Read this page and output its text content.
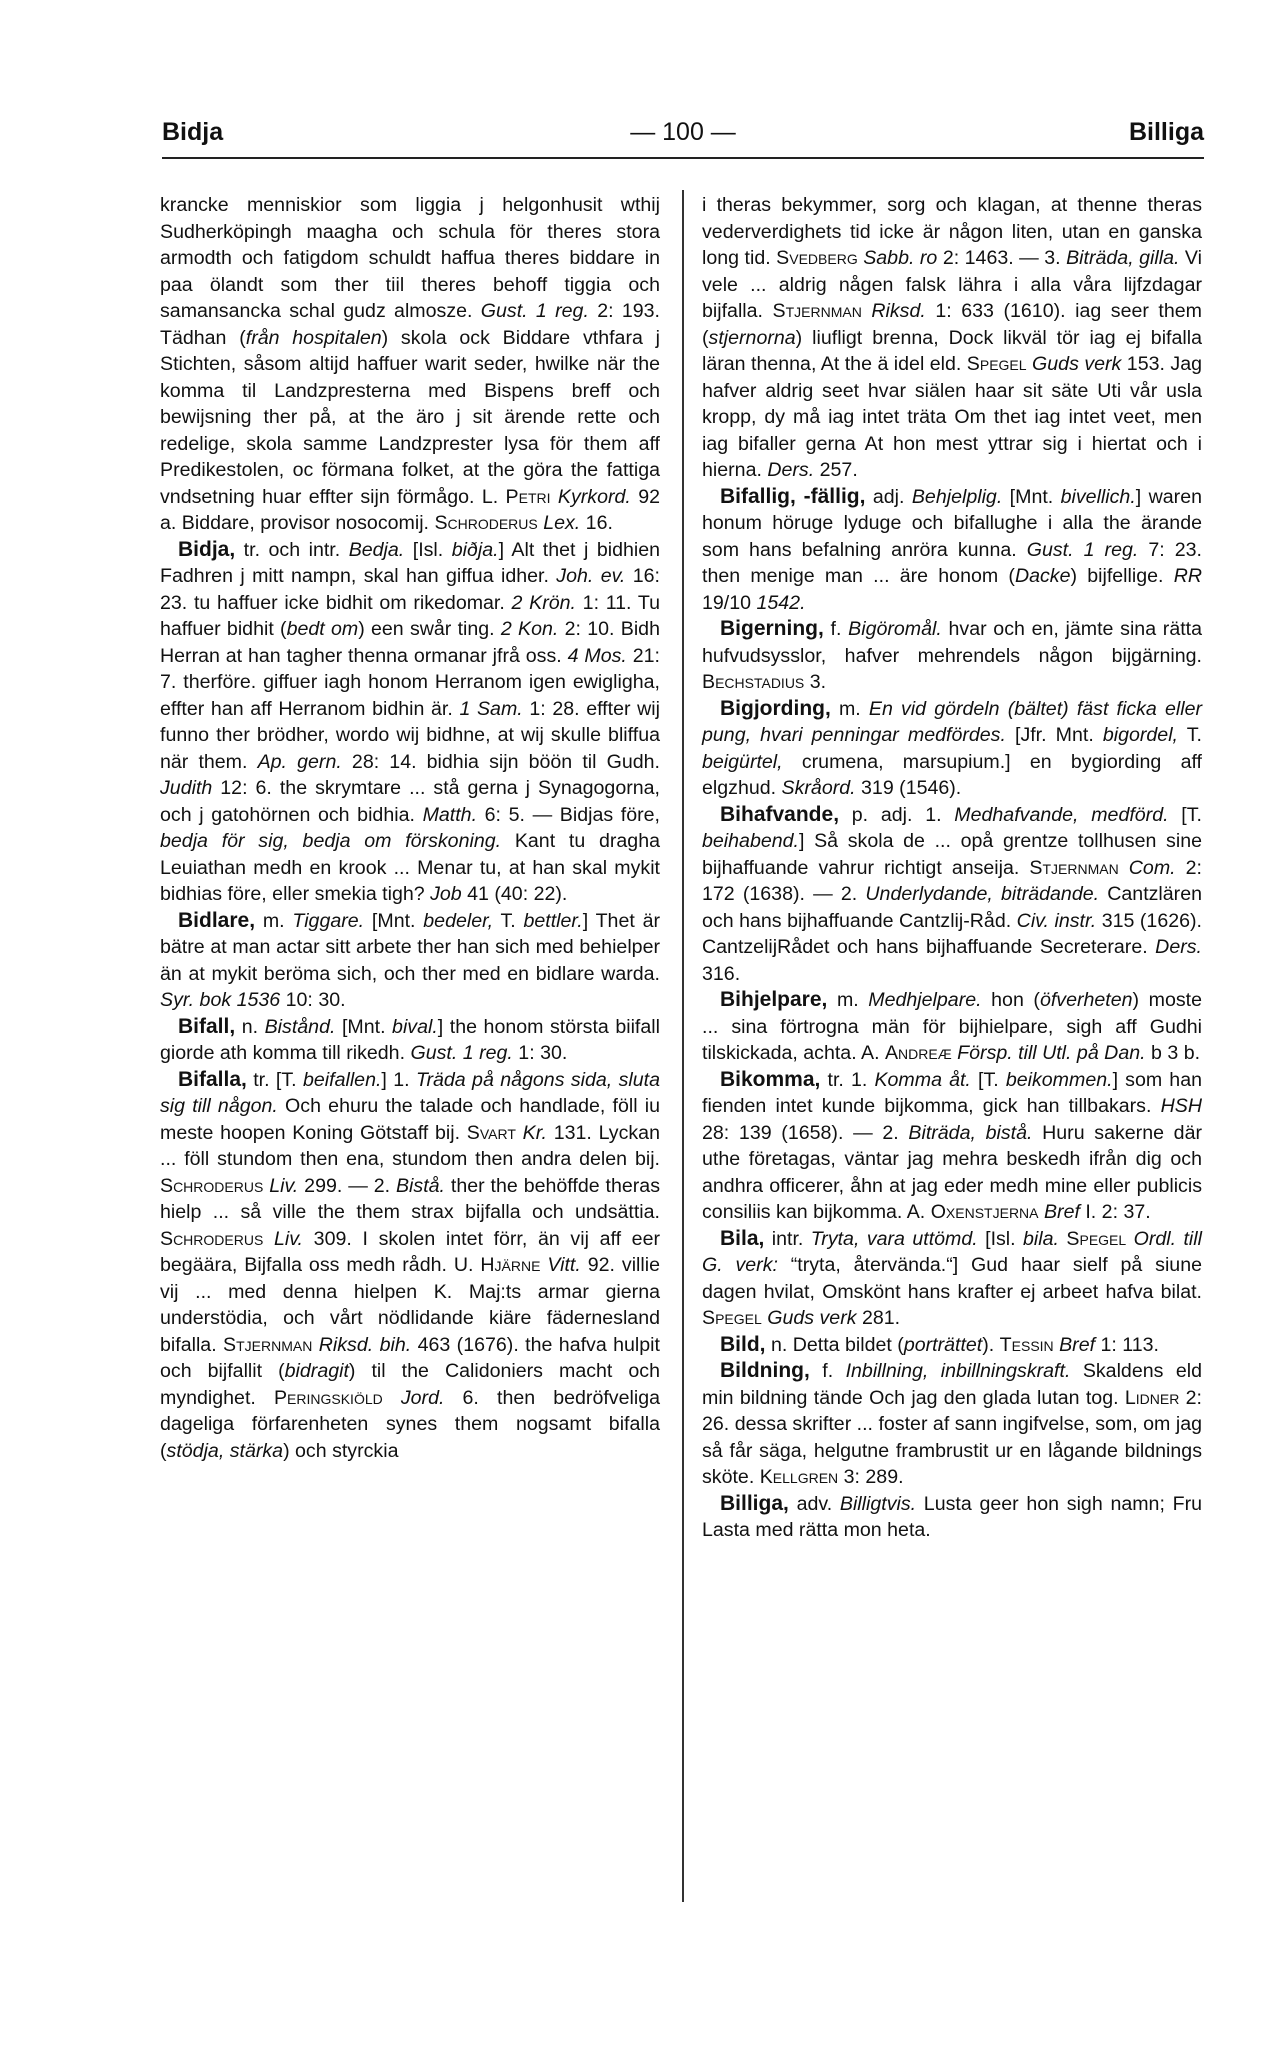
Bidja	— 100 —	Billiga

krancke menniskior som liggia j helgonhusit wthij Sudherköpingh maagha och schula för theres stora armodth och fatigdom schuldt haffua theres biddare in paa ölandt som ther tiil theres behoff tiggia och samansancka schal gudz almosze. Gust. 1 reg. 2: 193. Tädhan (från hospitalen) skola ock Biddare vthfara j Stichten, såsom altijd haffuer warit seder, hwilke när the komma til Landzpresterna med Bispens breff och bewijsning ther på, at the äro j sit ärende rette och redelige, skola samme Landzprester lysa för them aff Predikestolen, oc förmana folket, at the göra the fattiga vndsetning huar effter sijn förmågo. L. Petri Kyrkord. 92 a. Biddare, provisor nosocomij. Schroderus Lex. 16.

Bidja, tr. och intr. Bedja. [Isl. biðja.] Alt thet j bidhien Fadhren j mitt nampn, skal han giffua idher. Joh. ev. 16: 23. tu haffuer icke bidhit om rikedomar. 2 Krön. 1: 11. Tu haffuer bidhit (bedt om) een swår ting. 2 Kon. 2: 10. Bidh Herran at han tagher thenna ormanar jfrå oss. 4 Mos. 21: 7. therföre. giffuer iagh honom Herranom igen ewigligha, effter han aff Herranom bidhin är. 1 Sam. 1: 28. effter wij funno ther brödher, wordo wij bidhne, at wij skulle bliffua när them. Ap. gern. 28: 14. bidhia sijn böön til Gudh. Judith 12: 6. the skrymtare ... stå gerna j Synagogorna, och j gatohörnen och bidhia. Matth. 6: 5. — Bidjas före, bedja för sig, bedja om förskoning. Kant tu dragha Leuiathan medh en krook ... Menar tu, at han skal mykit bidhias före, eller smekia tigh? Job 41 (40: 22).

Bidlare, m. Tiggare. [Mnt. bedeler, T. bettler.] Thet är bätre at man actar sitt arbete ther han sich med behielper än at mykit beröma sich, och ther med en bidlare warda. Syr. bok 1536 10: 30.

Bifall, n. Bistånd. [Mnt. bival.] the honom största biifall giorde ath komma till rikedh. Gust. 1 reg. 1: 30.

Bifalla, tr. [T. beifallen.] 1. Träda på någons sida, sluta sig till någon. Och ehuru the talade och handlade, föll iu meste hoopen Koning Götstaff bij. Svart Kr. 131. Lyckan ... föll stundom then ena, stundom then andra delen bij. Schroderus Liv. 299. — 2. Bistå. ther the behöffde theras hielp ... så ville the them strax bijfalla och undsättia. Schroderus Liv. 309. I skolen intet förr, än vij aff eer begäära, Bijfalla oss medh rådh. U. Hjärne Vitt. 92. villie vij ... med denna hielpen K. Maj:ts armar gierna understödia, och vårt nödlidande kiäre fädernesland bifalla. Stjernman Riksd. bih. 463 (1676). the hafva hulpit och bijfallit (bidragit) til the Calidoniers macht och myndighet. Peringskiöld Jord. 6. then bedröfveliga dageliga förfarenheten synes them nogsamt bifalla (stödja, stärka) och styrckia

i theras bekymmer, sorg och klagan, at thenne theras vederverdighets tid icke är någon liten, utan en ganska long tid. Svedberg Sabb. ro 2: 1463. — 3. Biträda, gilla. Vi vele ... aldrig någen falsk lähra i alla våra lijfzdagar bijfalla. Stjernman Riksd. 1: 633 (1610). iag seer them (stjernorna) liufligt brenna, Dock likväl tör iag ej bifalla läran thenna, At the ä idel eld. Spegel Guds verk 153. Jag hafver aldrig seet hvar siälen haar sit säte Uti vår usla kropp, dy må iag intet träta Om thet iag intet veet, men iag bifaller gerna At hon mest yttrar sig i hiertat och i hierna. Ders. 257.

Bifallig, -fällig, adj. Behjelplig. [Mnt. bivellich.] waren honum höruge lyduge och bifallughe i alla the ärande som hans befalning anröra kunna. Gust. 1 reg. 7: 23. then menige man ... äre honom (Dacke) bijfellige. RR 19/10 1542.

Bigerning, f. Bigöromål. hvar och en, jämte sina rätta hufvudsysslor, hafver mehrendels någon bijgärning. Bechstadius 3.

Bigjording, m. En vid gördeln (bältet) fäst ficka eller pung, hvari penningar medfördes. [Jfr. Mnt. bigordel, T. beigürtel, crumena, marsupium.] en bygiording aff elgzhud. Skråord. 319 (1546).

Bihafvande, p. adj. 1. Medhafvande, medförd. [T. beihabend.] Så skola de ... opå grentze tollhusen sine bijhaffuande vahrur richtigt anseija. Stjernman Com. 2: 172 (1638). — 2. Underlydande, biträdande. Cantzlären och hans bijhaffuande Cantzlij-Råd. Civ. instr. 315 (1626). CantzelijRådet och hans bijhaffuande Secreterare. Ders. 316.

Bihjelpare, m. Medhjelpare. hon (öfverheten) moste ... sina förtrogna män för bijhielpare, sigh aff Gudhi tilskickada, achta. A. Andreæ Försp. till Utl. på Dan. b 3 b.

Bikomma, tr. 1. Komma åt. [T. beikommen.] som han fienden intet kunde bijkomma, gick han tillbakars. HSH 28: 139 (1658). — 2. Biträda, bistå. Huru sakerne där uthe företagas, väntar jag mehra beskedh ifrån dig och andhra officerer, åhn at jag eder medh mine eller publicis consiliis kan bijkomma. A. Oxenstjerna Bref I. 2: 37.

Bila, intr. Tryta, vara uttömd. [Isl. bila. Spegel Ordl. till G. verk: “tryta, återvända.“] Gud haar sielf på siune dagen hvilat, Omskönt hans krafter ej arbeet hafva bilat. Spegel Guds verk 281.

Bild, n. Detta bildet (porträttet). Tessin Bref 1: 113.

Bildning, f. Inbillning, inbillningskraft. Skaldens eld min bildning tände Och jag den glada lutan tog. Lidner 2: 26. dessa skrifter ... foster af sann ingifvelse, som, om jag så får säga, helgutne frambrustit ur en lågande bildnings sköte. Kellgren 3: 289.

Billiga, adv. Billigtvis. Lusta geer hon sigh namn; Fru Lasta med rätta mon heta.
